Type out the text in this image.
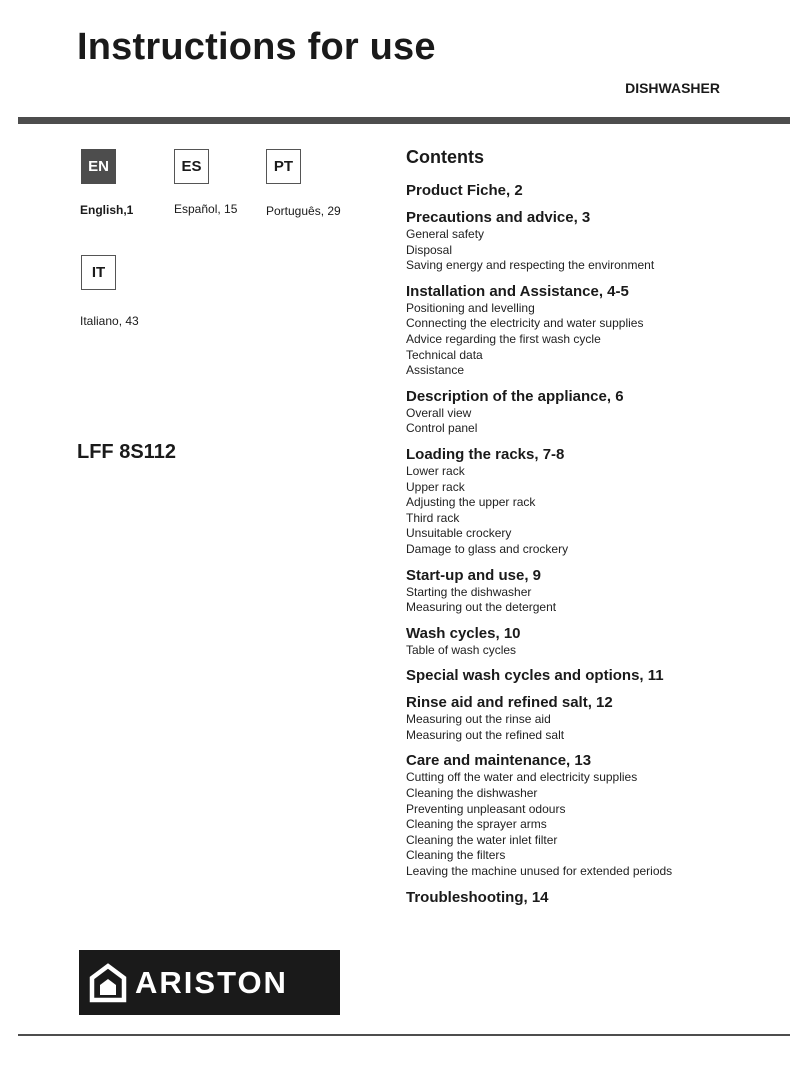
Instructions for use
DISHWASHER
EN
English,1
ES
Español, 15
PT
Português, 29
IT
Italiano, 43
LFF 8S112
Contents
Product Fiche, 2
Precautions and advice, 3
General safety
Disposal
Saving energy and respecting the environment
Installation and Assistance, 4-5
Positioning and levelling
Connecting the electricity and water supplies
Advice regarding the first wash cycle
Technical data
Assistance
Description of the appliance, 6
Overall view
Control panel
Loading the racks, 7-8
Lower rack
Upper rack
Adjusting the upper rack
Third rack
Unsuitable crockery
Damage to glass and crockery
Start-up and use, 9
Starting the dishwasher
Measuring out the detergent
Wash cycles, 10
Table of wash cycles
Special wash cycles and options, 11
Rinse aid and refined salt, 12
Measuring out the rinse aid
Measuring out the refined salt
Care and maintenance, 13
Cutting off the water and electricity supplies
Cleaning the dishwasher
Preventing unpleasant odours
Cleaning the sprayer arms
Cleaning the water inlet filter
Cleaning the filters
Leaving the machine unused for extended periods
Troubleshooting, 14
ARISTON
